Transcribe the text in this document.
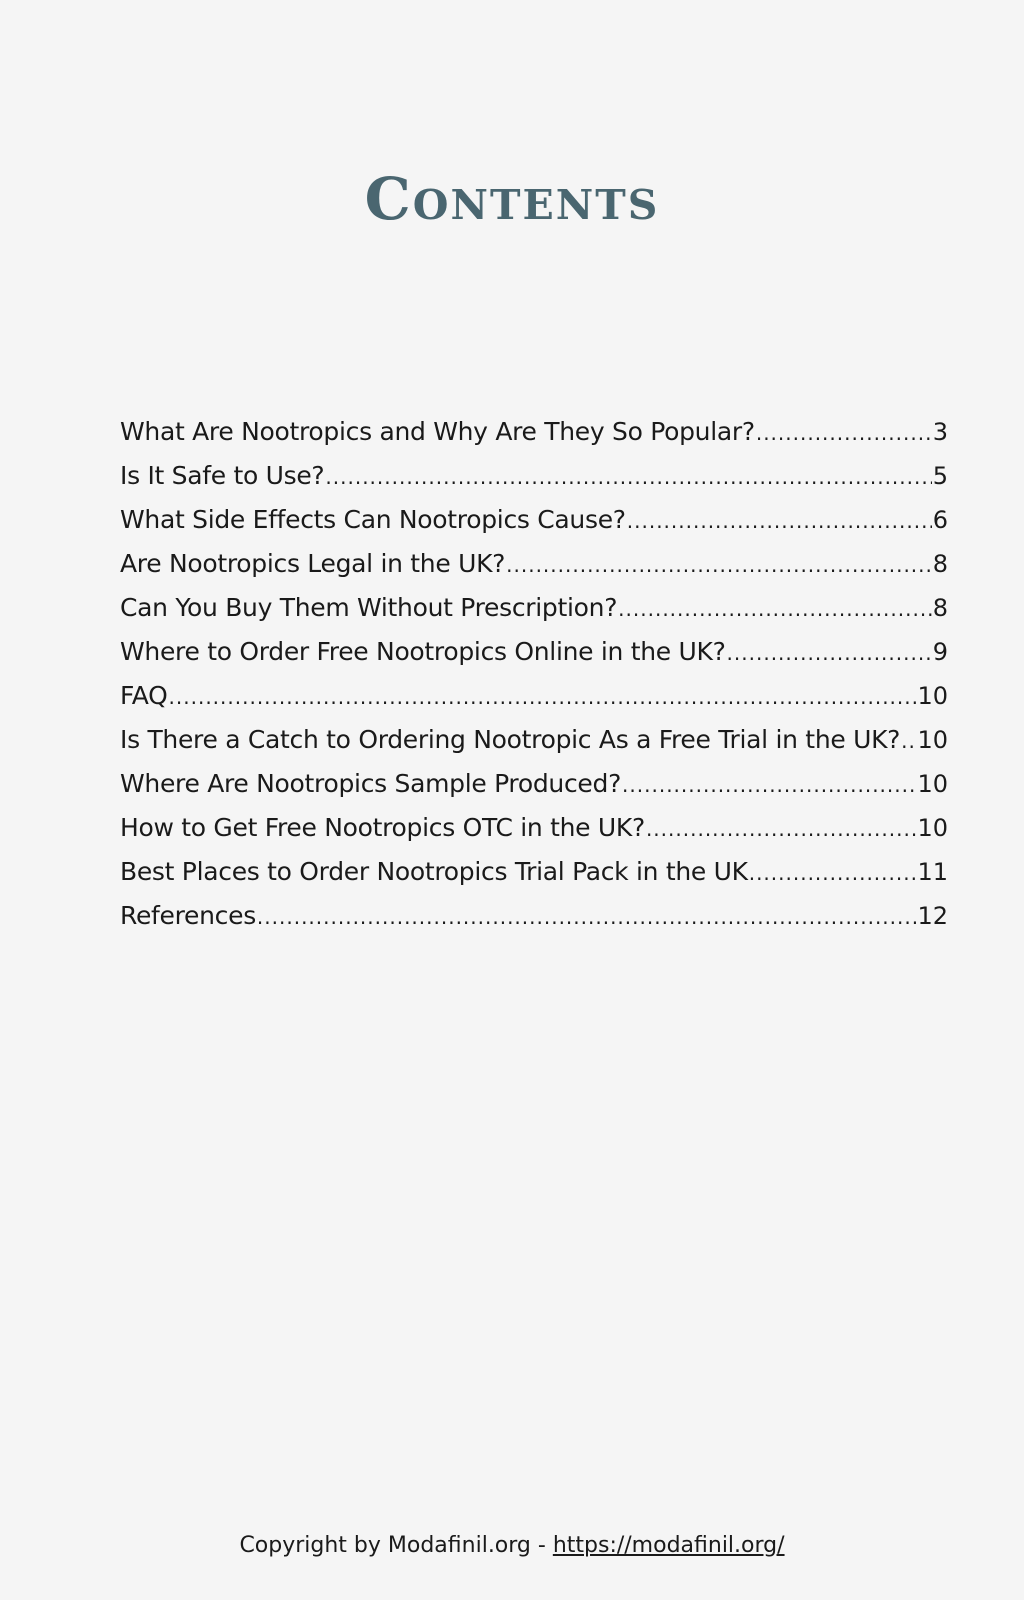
Contents
What Are Nootropics and Why Are They So Popular? .....	3
Is It Safe to Use? .....	5
What Side Effects Can Nootropics Cause? .....	6
Are Nootropics Legal in the UK? .....	8
Can You Buy Them Without Prescription? .....	8
Where to Order Free Nootropics Online in the UK? .....	9
FAQ .....	10
Is There a Catch to Ordering Nootropic As a Free Trial in the UK? ..... 10
Where Are Nootropics Sample Produced? .....	10
How to Get Free Nootropics OTC in the UK? .....	10
Best Places to Order Nootropics Trial Pack in the UK .....	11
References .....	12
Copyright by Modafinil.org - https://modafinil.org/
